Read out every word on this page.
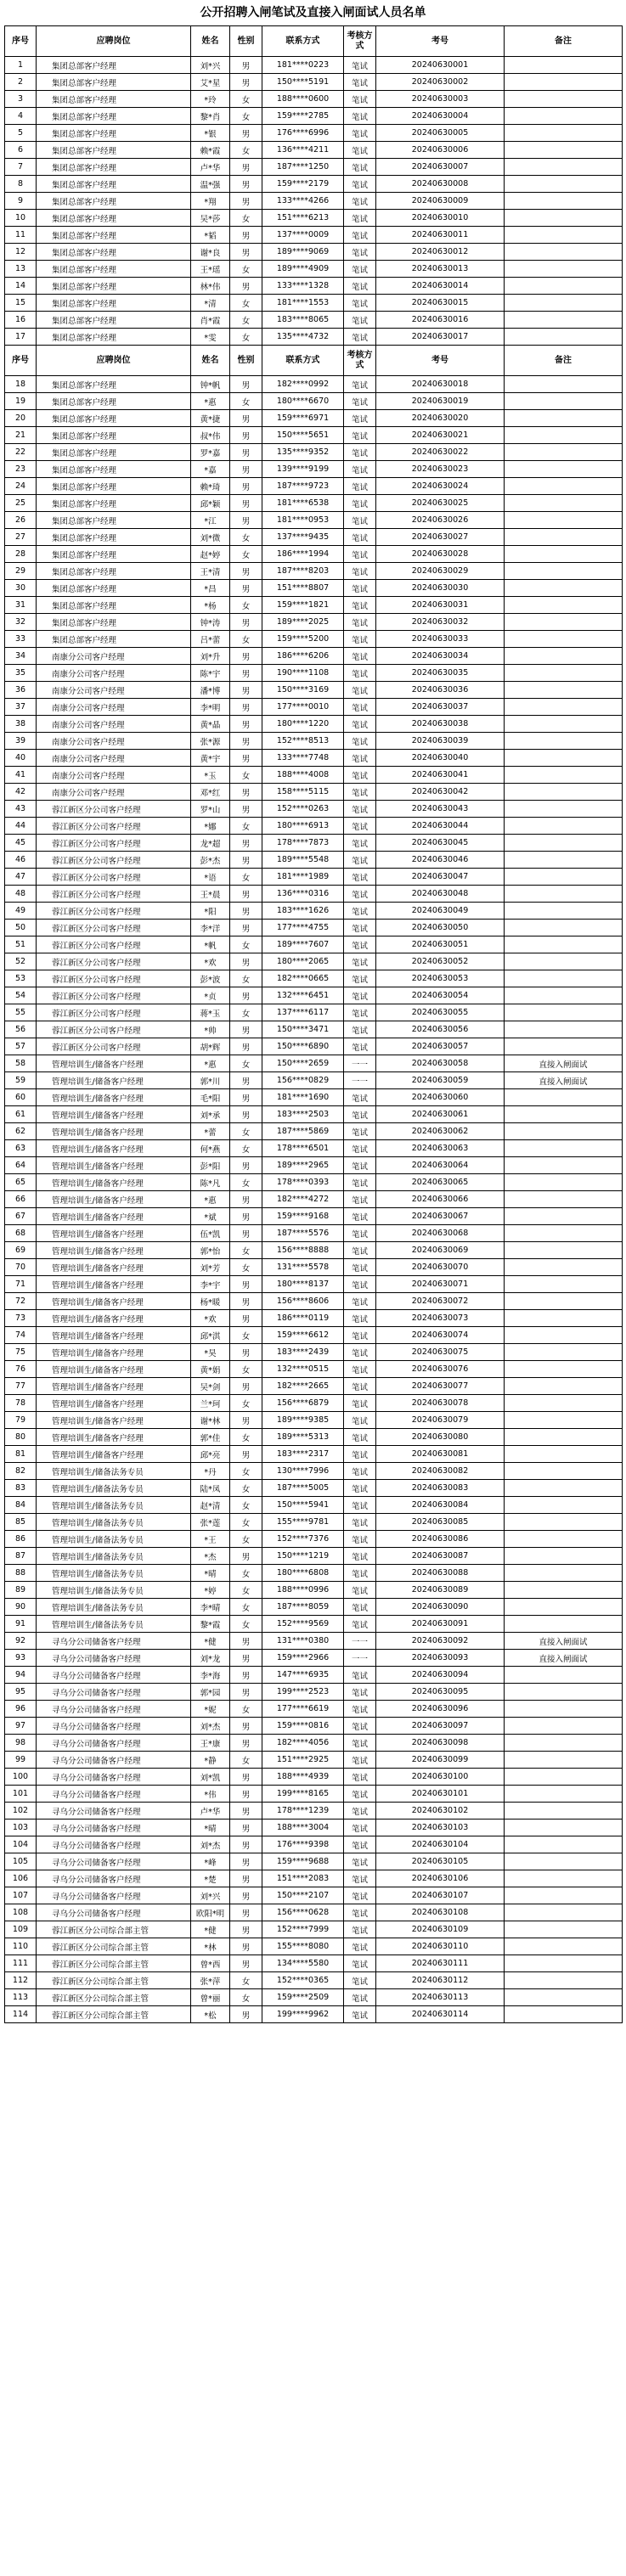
公开招聘入闸笔试及直接入闸面试人员名单
序号	应聘岗位	姓名	性别	联系方式	考核方式	考号	备注
1	集团总部客户经理	刘*兴	男	181****0223	笔试	20240630001	
2	集团总部客户经理	艾*星	男	150****5191	笔试	20240630002	
3	集团总部客户经理	*玲	女	188****0600	笔试	20240630003	
4	集团总部客户经理	黎*肖	女	159****2785	笔试	20240630004	
5	集团总部客户经理	*银	男	176****6996	笔试	20240630005	
6	集团总部客户经理	赖*霞	女	136****4211	笔试	20240630006	
7	集团总部客户经理	卢*华	男	187****1250	笔试	20240630007	
8	集团总部客户经理	温*强	男	159****2179	笔试	20240630008	
9	集团总部客户经理	*翔	男	133****4266	笔试	20240630009	
10	集团总部客户经理	吴*莎	女	151****6213	笔试	20240630010	
11	集团总部客户经理	*韬	男	137****0009	笔试	20240630011	
12	集团总部客户经理	谢*良	男	189****9069	笔试	20240630012	
13	集团总部客户经理	王*瑶	女	189****4909	笔试	20240630013	
14	集团总部客户经理	林*伟	男	133****1328	笔试	20240630014	
15	集团总部客户经理	*清	女	181****1553	笔试	20240630015	
16	集团总部客户经理	肖*霞	女	183****8065	笔试	20240630016	
17	集团总部客户经理	*雯	女	135****4732	笔试	20240630017	
序号	应聘岗位	姓名	性别	联系方式	考核方式	考号	备注
18	集团总部客户经理	钟*帆	男	182****0992	笔试	20240630018	
19	集团总部客户经理	*惠	女	180****6670	笔试	20240630019	
20	集团总部客户经理	黄*捷	男	159****6971	笔试	20240630020	
21	集团总部客户经理	叔*伟	男	150****5651	笔试	20240630021	
22	集团总部客户经理	罗*嘉	男	135****9352	笔试	20240630022	
23	集团总部客户经理	*嘉	男	139****9199	笔试	20240630023	
24	集团总部客户经理	赖*琦	男	187****9723	笔试	20240630024	
25	集团总部客户经理	邱*颖	男	181****6538	笔试	20240630025	
26	集团总部客户经理	*江	男	181****0953	笔试	20240630026	
27	集团总部客户经理	刘*微	女	137****9435	笔试	20240630027	
28	集团总部客户经理	赵*婷	女	186****1994	笔试	20240630028	
29	集团总部客户经理	王*清	男	187****8203	笔试	20240630029	
30	集团总部客户经理	*昌	男	151****8807	笔试	20240630030	
31	集团总部客户经理	*杨	女	159****1821	笔试	20240630031	
32	集团总部客户经理	钟*涛	男	189****2025	笔试	20240630032	
33	集团总部客户经理	吕*蕾	女	159****5200	笔试	20240630033	
34	南康分公司客户经理	刘*升	男	186****6206	笔试	20240630034	
35	南康分公司客户经理	陈*宇	男	190****1108	笔试	20240630035	
36	南康分公司客户经理	潘*博	男	150****3169	笔试	20240630036	
37	南康分公司客户经理	李*明	男	177****0010	笔试	20240630037	
38	南康分公司客户经理	黄*晶	男	180****1220	笔试	20240630038	
39	南康分公司客户经理	张*源	男	152****8513	笔试	20240630039	
40	南康分公司客户经理	黄*宇	男	133****7748	笔试	20240630040	
41	南康分公司客户经理	*玉	女	188****4008	笔试	20240630041	
42	南康分公司客户经理	邓*红	男	158****5115	笔试	20240630042	
43	蓉江新区分公司客户经理	罗*山	男	152****0263	笔试	20240630043	
44	蓉江新区分公司客户经理	*娜	女	180****6913	笔试	20240630044	
45	蓉江新区分公司客户经理	龙*超	男	178****7873	笔试	20240630045	
46	蓉江新区分公司客户经理	彭*杰	男	189****5548	笔试	20240630046	
47	蓉江新区分公司客户经理	*语	女	181****1989	笔试	20240630047	
48	蓉江新区分公司客户经理	王*晨	男	136****0316	笔试	20240630048	
49	蓉江新区分公司客户经理	*阳	男	183****1626	笔试	20240630049	
50	蓉江新区分公司客户经理	李*洋	男	177****4755	笔试	20240630050	
51	蓉江新区分公司客户经理	*帆	女	189****7607	笔试	20240630051	
52	蓉江新区分公司客户经理	*欢	男	180****2065	笔试	20240630052	
53	蓉江新区分公司客户经理	彭*波	女	182****0665	笔试	20240630053	
54	蓉江新区分公司客户经理	*贞	男	132****6451	笔试	20240630054	
55	蓉江新区分公司客户经理	蒋*玉	女	137****6117	笔试	20240630055	
56	蓉江新区分公司客户经理	*帅	男	150****3471	笔试	20240630056	
57	蓉江新区分公司客户经理	胡*辉	男	150****6890	笔试	20240630057	
58	管理培训生/储备客户经理	*惠	女	150****2659	一一	20240630058	直接入闸面试
59	管理培训生/储备客户经理	郭*川	男	156****0829	一一	20240630059	直接入闸面试
60	管理培训生/储备客户经理	毛*阳	男	181****1690	笔试	20240630060	
61	管理培训生/储备客户经理	刘*承	男	183****2503	笔试	20240630061	
62	管理培训生/储备客户经理	*蕾	女	187****5869	笔试	20240630062	
63	管理培训生/储备客户经理	何*燕	女	178****6501	笔试	20240630063	
64	管理培训生/储备客户经理	彭*阳	男	189****2965	笔试	20240630064	
65	管理培训生/储备客户经理	陈*凡	女	178****0393	笔试	20240630065	
66	管理培训生/储备客户经理	*惠	男	182****4272	笔试	20240630066	
67	管理培训生/储备客户经理	*斌	男	159****9168	笔试	20240630067	
68	管理培训生/储备客户经理	伍*凯	男	187****5576	笔试	20240630068	
69	管理培训生/储备客户经理	郭*怡	女	156****8888	笔试	20240630069	
70	管理培训生/储备客户经理	刘*芳	女	131****5578	笔试	20240630070	
71	管理培训生/储备客户经理	李*宇	男	180****8137	笔试	20240630071	
72	管理培训生/储备客户经理	杨*暖	男	156****8606	笔试	20240630072	
73	管理培训生/储备客户经理	*欢	男	186****0119	笔试	20240630073	
74	管理培训生/储备客户经理	邱*淇	女	159****6612	笔试	20240630074	
75	管理培训生/储备客户经理	*昊	男	183****2439	笔试	20240630075	
76	管理培训生/储备客户经理	黄*娟	女	132****0515	笔试	20240630076	
77	管理培训生/储备客户经理	吴*剑	男	182****2665	笔试	20240630077	
78	管理培训生/储备客户经理	兰*珂	女	156****6879	笔试	20240630078	
79	管理培训生/储备客户经理	谢*林	男	189****9385	笔试	20240630079	
80	管理培训生/储备客户经理	郭*佳	女	189****5313	笔试	20240630080	
81	管理培训生/储备客户经理	邱*亮	男	183****2317	笔试	20240630081	
82	管理培训生/储备法务专员	*丹	女	130****7996	笔试	20240630082	
83	管理培训生/储备法务专员	陆*凤	女	187****5005	笔试	20240630083	
84	管理培训生/储备法务专员	赵*清	女	150****5941	笔试	20240630084	
85	管理培训生/储备法务专员	张*莲	女	155****9781	笔试	20240630085	
86	管理培训生/储备法务专员	*王	女	152****7376	笔试	20240630086	
87	管理培训生/储备法务专员	*杰	男	150****1219	笔试	20240630087	
88	管理培训生/储备法务专员	*晴	女	180****6808	笔试	20240630088	
89	管理培训生/储备法务专员	*婷	女	188****0996	笔试	20240630089	
90	管理培训生/储备法务专员	李*晴	女	187****8059	笔试	20240630090	
91	管理培训生/储备法务专员	黎*霞	女	152****9569	笔试	20240630091	
92	寻乌分公司储备客户经理	*健	男	131****0380	一一	20240630092	直接入闸面试
93	寻乌分公司储备客户经理	刘*龙	男	159****2966	一一	20240630093	直接入闸面试
94	寻乌分公司储备客户经理	李*海	男	147****6935	笔试	20240630094	
95	寻乌分公司储备客户经理	郭*园	男	199****2523	笔试	20240630095	
96	寻乌分公司储备客户经理	*妮	女	177****6619	笔试	20240630096	
97	寻乌分公司储备客户经理	刘*杰	男	159****0816	笔试	20240630097	
98	寻乌分公司储备客户经理	王*康	男	182****4056	笔试	20240630098	
99	寻乌分公司储备客户经理	*静	女	151****2925	笔试	20240630099	
100	寻乌分公司储备客户经理	刘*凯	男	188****4939	笔试	20240630100	
101	寻乌分公司储备客户经理	*伟	男	199****8165	笔试	20240630101	
102	寻乌分公司储备客户经理	卢*华	男	178****1239	笔试	20240630102	
103	寻乌分公司储备客户经理	*晴	男	188****3004	笔试	20240630103	
104	寻乌分公司储备客户经理	刘*杰	男	176****9398	笔试	20240630104	
105	寻乌分公司储备客户经理	*峰	男	159****9688	笔试	20240630105	
106	寻乌分公司储备客户经理	*楚	男	151****2083	笔试	20240630106	
107	寻乌分公司储备客户经理	刘*兴	男	150****2107	笔试	20240630107	
108	寻乌分公司储备客户经理	欧阳*明	男	156****0628	笔试	20240630108	
109	蓉江新区分公司综合部主管	*健	男	152****7999	笔试	20240630109	
110	蓉江新区分公司综合部主管	*林	男	155****8080	笔试	20240630110	
111	蓉江新区分公司综合部主管	曾*西	男	134****5580	笔试	20240630111	
112	蓉江新区分公司综合部主管	张*萍	女	152****0365	笔试	20240630112	
113	蓉江新区分公司综合部主管	曾*丽	女	159****2509	笔试	20240630113	
114	蓉江新区分公司综合部主管	*松	男	199****9962	笔试	20240630114	
